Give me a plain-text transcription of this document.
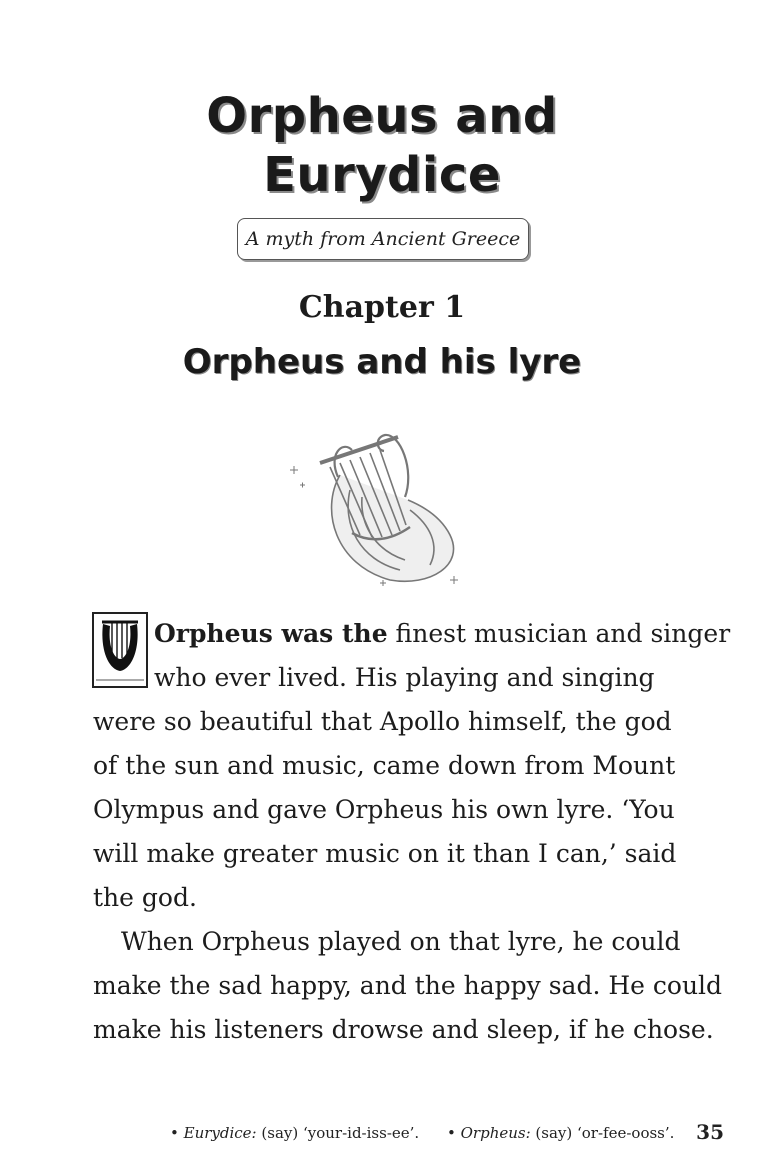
Orpheus and
Eurydice
A myth from Ancient Greece
Chapter 1
Orpheus and his lyre
Orpheus was the finest musician and singer
who ever lived. His playing and singing
were so beautiful that Apollo himself, the god
of the sun and music, came down from Mount
Olympus and gave Orpheus his own lyre. ‘You
will make greater music on it than I can,’ said
the god.
When Orpheus played on that lyre, he could
make the sad happy, and the happy sad. He could
make his listeners drowse and sleep, if he chose.
• Eurydice: (say) ‘your-id-iss-ee’. • Orpheus: (say) ‘or-fee-ooss’. 35
